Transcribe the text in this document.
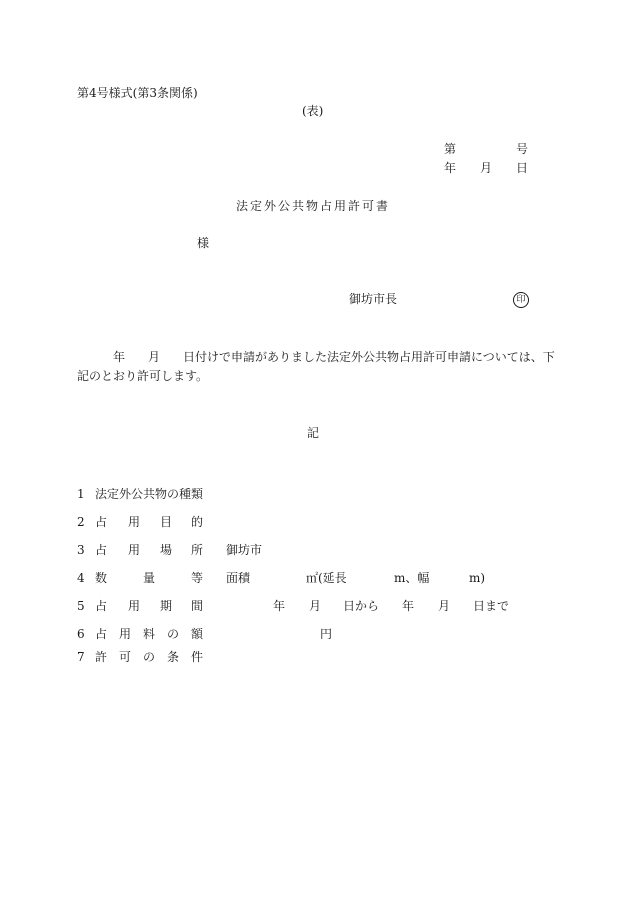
第4号様式(第3条関係)
(表)
第	号
年 月 日
法定外公共物占用許可書
様
御坊市長	印
年 月 日付けで申請がありました法定外公共物占用許可申請については、下
記のとおり許可します。
記
1 法定外公共物の種類
2 占 用 目 的
3 占 用 場 所 御坊市
4 数	量	等 面積	㎡(延長	m、幅	m)
5 占 用 期 間	年 月 日から 年 月 日まで
6 占 用 料 の 額	円
7 許 可 の 条 件
